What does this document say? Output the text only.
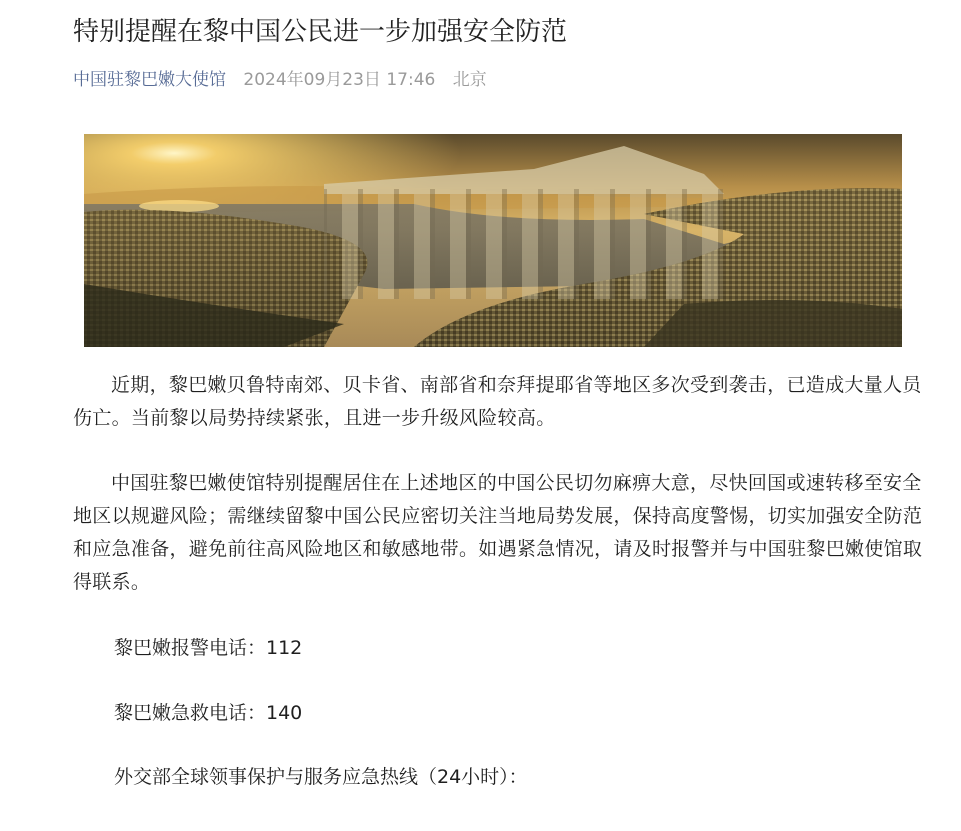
特别提醒在黎中国公民进一步加强安全防范
中国驻黎巴嫩大使馆 2024年09月23日 17:46 北京

近期，黎巴嫩贝鲁特南郊、贝卡省、南部省和奈拜提耶省等地区多次受到袭击，已造成大量人员伤亡。当前黎以局势持续紧张，且进一步升级风险较高。

中国驻黎巴嫩使馆特别提醒居住在上述地区的中国公民切勿麻痹大意，尽快回国或速转移至安全地区以规避风险；需继续留黎中国公民应密切关注当地局势发展，保持高度警惕，切实加强安全防范和应急准备，避免前往高风险地区和敏感地带。如遇紧急情况，请及时报警并与中国驻黎巴嫩使馆取得联系。

黎巴嫩报警电话：112

黎巴嫩急救电话：140

外交部全球领事保护与服务应急热线（24小时）：
